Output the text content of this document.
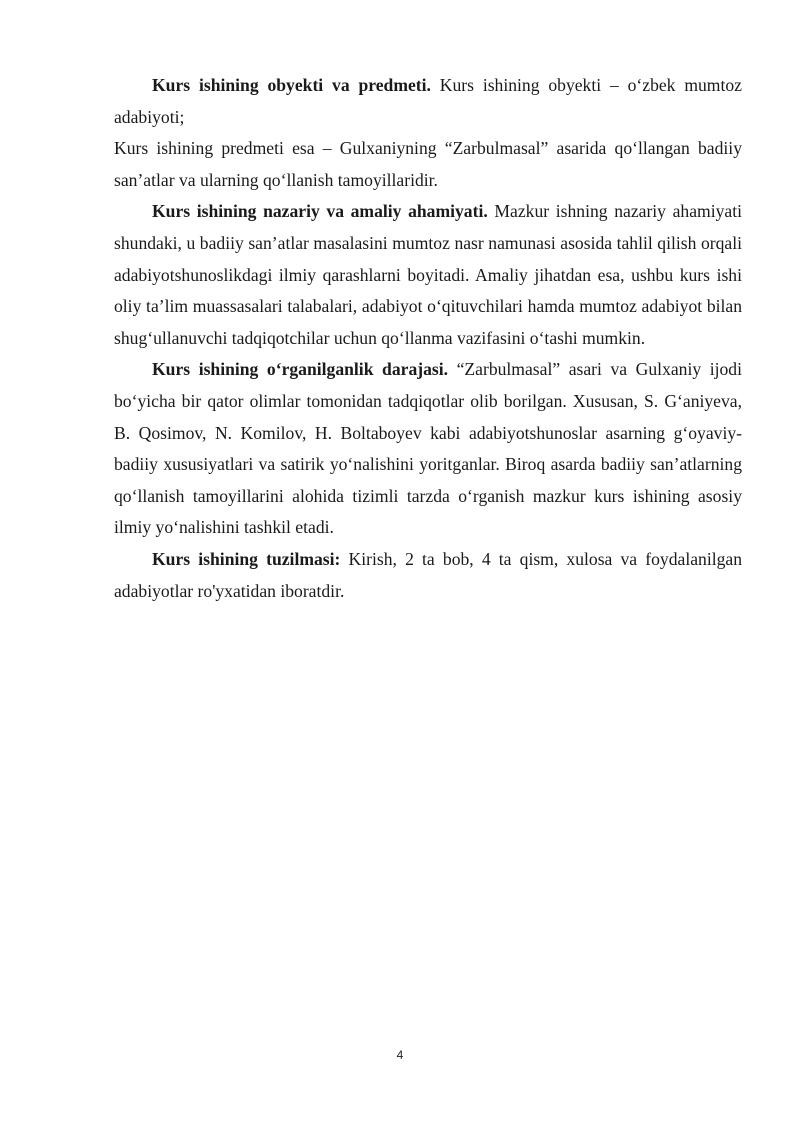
Kurs ishining obyekti va predmeti. Kurs ishining obyekti – o‘zbek mumtoz adabiyoti;

Kurs ishining predmeti esa – Gulxaniyning “Zarbulmasal” asarida qo‘llangan badiiy san’atlar va ularning qo‘llanish tamoyillaridir.

Kurs ishining nazariy va amaliy ahamiyati. Mazkur ishning nazariy ahamiyati shundaki, u badiiy san’atlar masalasini mumtoz nasr namunasi asosida tahlil qilish orqali adabiyotshunoslikdagi ilmiy qarashlarni boyitadi. Amaliy jihatdan esa, ushbu kurs ishi oliy ta’lim muassasalari talabalari, adabiyot o‘qituvchilari hamda mumtoz adabiyot bilan shug‘ullanuvchi tadqiqotchilar uchun qo‘llanma vazifasini o‘tashi mumkin.

Kurs ishining o‘rganilganlik darajasi. “Zarbulmasal” asari va Gulxaniy ijodi bo‘yicha bir qator olimlar tomonidan tadqiqotlar olib borilgan. Xususan, S. G‘aniyeva, B. Qosimov, N. Komilov, H. Boltaboyev kabi adabiyotshunoslar asarning g‘oyaviy-badiiy xususiyatlari va satirik yo‘nalishini yoritganlar. Biroq asarda badiiy san’atlarning qo‘llanish tamoyillarini alohida tizimli tarzda o‘rganish mazkur kurs ishining asosiy ilmiy yo‘nalishini tashkil etadi.

Kurs ishining tuzilmasi: Kirish, 2 ta bob, 4 ta qism, xulosa va foydalanilgan adabiyotlar ro'yxatidan iboratdir.

4
